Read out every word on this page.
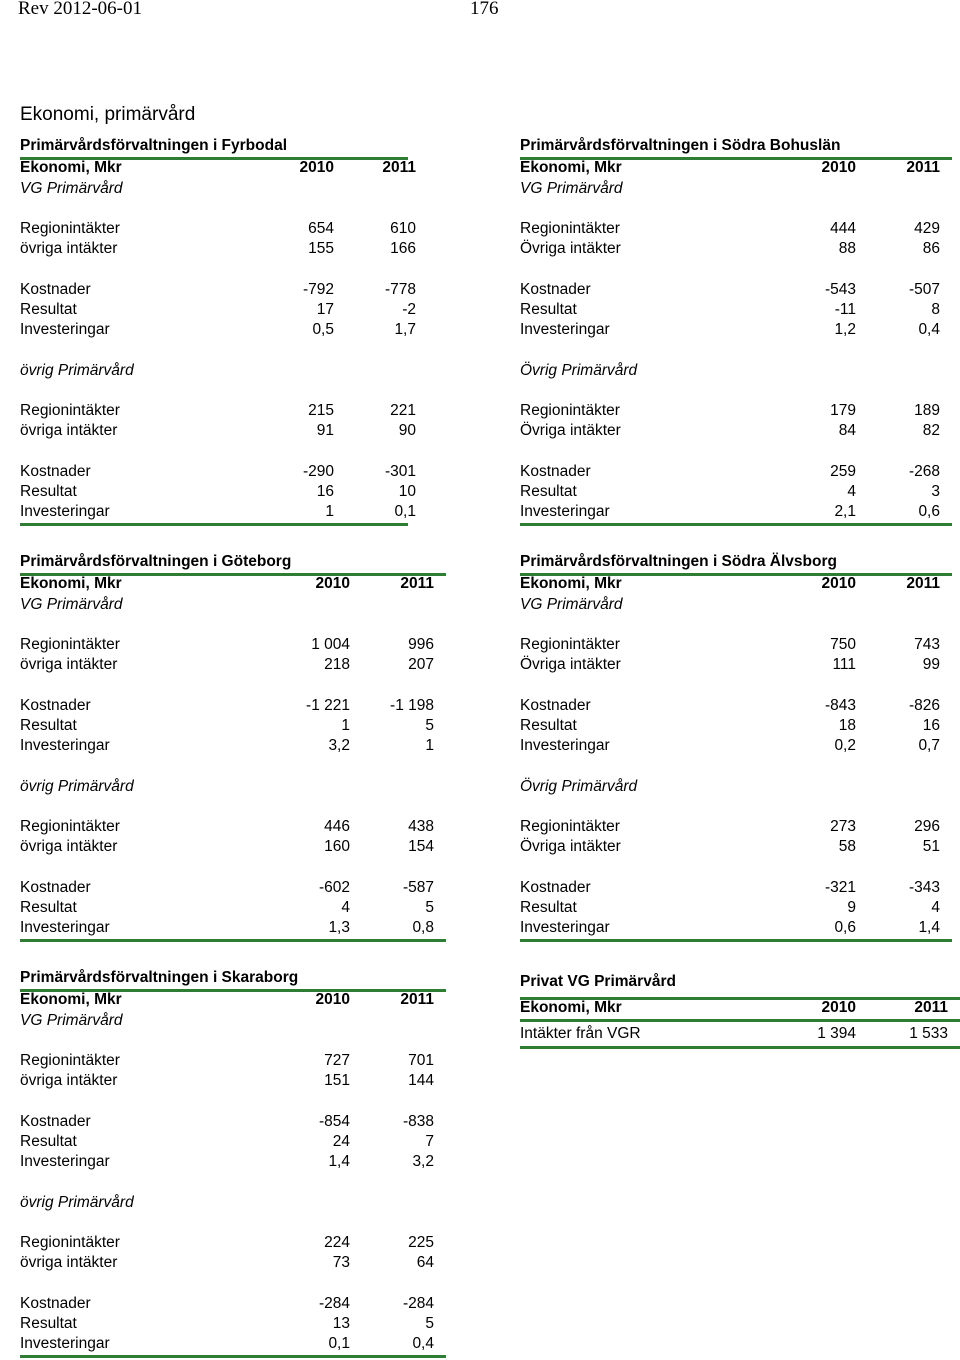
Rev 2012-06-01	176
Ekonomi, primärvård
Primärvårdsförvaltningen i Fyrbodal
Ekonomi, Mkr	2010	2011
VG Primärvård
Regionintäkter	654	610
övriga intäkter	155	166
Kostnader	-792	-778
Resultat	17	-2
Investeringar	0,5	1,7
övrig Primärvård
Regionintäkter	215	221
övriga intäkter	91	90
Kostnader	-290	-301
Resultat	16	10
Investeringar	1	0,1
Primärvårdsförvaltningen i Södra Bohuslän
Ekonomi, Mkr	2010	2011
VG Primärvård
Regionintäkter	444	429
Övriga intäkter	88	86
Kostnader	-543	-507
Resultat	-11	8
Investeringar	1,2	0,4
Övrig Primärvård
Regionintäkter	179	189
Övriga intäkter	84	82
Kostnader	259	-268
Resultat	4	3
Investeringar	2,1	0,6
Primärvårdsförvaltningen i Göteborg
Ekonomi, Mkr	2010	2011
VG Primärvård
Regionintäkter	1 004	996
övriga intäkter	218	207
Kostnader	-1 221	-1 198
Resultat	1	5
Investeringar	3,2	1
övrig Primärvård
Regionintäkter	446	438
övriga intäkter	160	154
Kostnader	-602	-587
Resultat	4	5
Investeringar	1,3	0,8
Primärvårdsförvaltningen i Södra Älvsborg
Ekonomi, Mkr	2010	2011
VG Primärvård
Regionintäkter	750	743
Övriga intäkter	111	99
Kostnader	-843	-826
Resultat	18	16
Investeringar	0,2	0,7
Övrig Primärvård
Regionintäkter	273	296
Övriga intäkter	58	51
Kostnader	-321	-343
Resultat	9	4
Investeringar	0,6	1,4
Primärvårdsförvaltningen i Skaraborg
Ekonomi, Mkr	2010	2011
VG Primärvård
Regionintäkter	727	701
övriga intäkter	151	144
Kostnader	-854	-838
Resultat	24	7
Investeringar	1,4	3,2
övrig Primärvård
Regionintäkter	224	225
övriga intäkter	73	64
Kostnader	-284	-284
Resultat	13	5
Investeringar	0,1	0,4
Privat VG Primärvård
Ekonomi, Mkr	2010	2011
Intäkter från VGR	1 394	1 533
